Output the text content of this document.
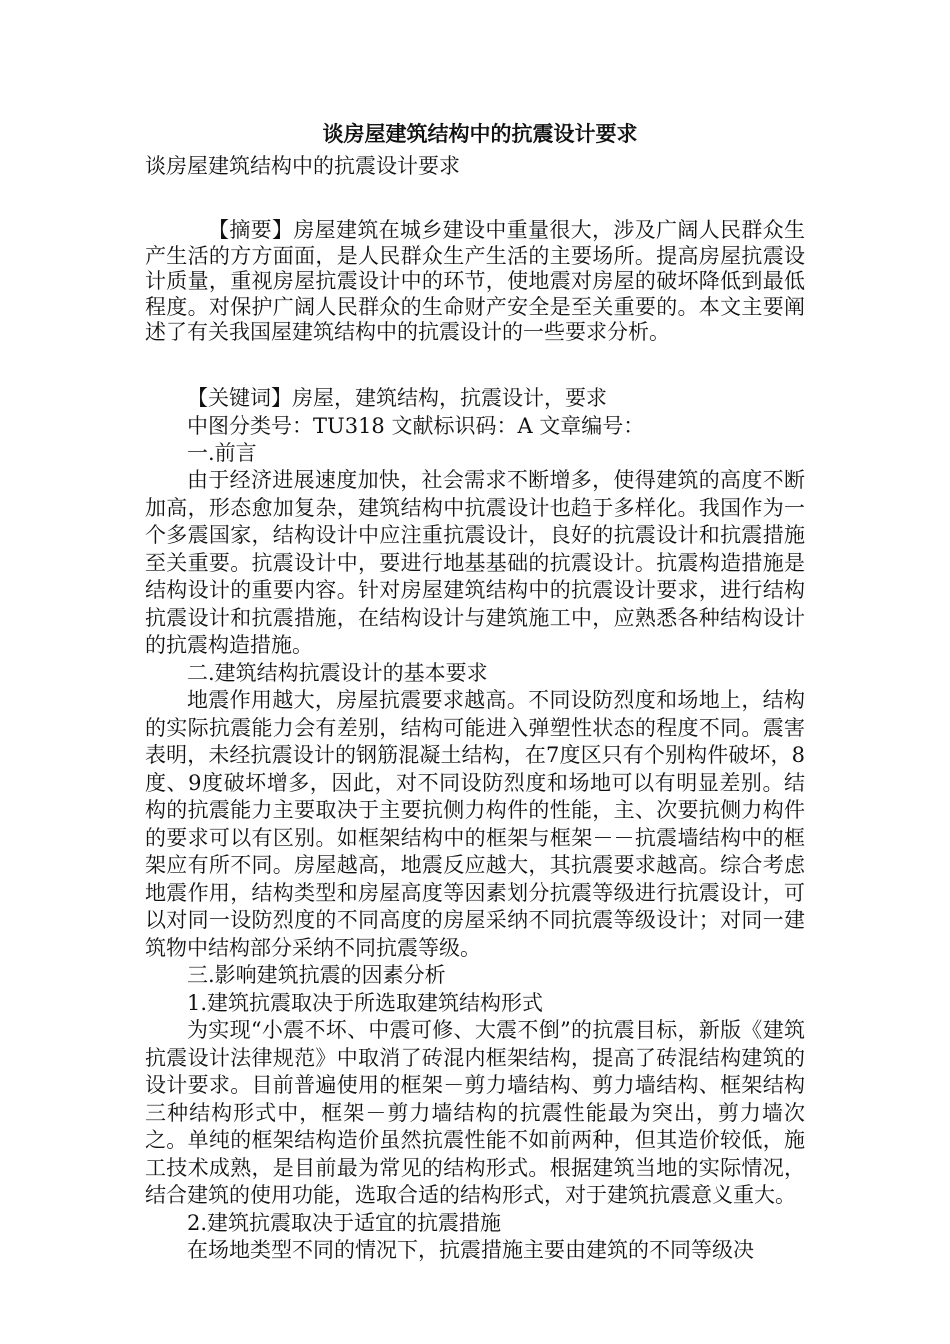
谈房屋建筑结构中的抗震设计要求

谈房屋建筑结构中的抗震设计要求

【摘要】房屋建筑在城乡建设中重量很大，涉及广阔人民群众生产生活的方方面面，是人民群众生产生活的主要场所。提高房屋抗震设计质量，重视房屋抗震设计中的环节，使地震对房屋的破坏降低到最低程度。对保护广阔人民群众的生命财产安全是至关重要的。本文主要阐述了有关我国屋建筑结构中的抗震设计的一些要求分析。

【关键词】房屋，建筑结构，抗震设计，要求

中图分类号：TU318 文献标识码：A 文章编号：

一.前言

由于经济进展速度加快，社会需求不断增多，使得建筑的高度不断加高，形态愈加复杂，建筑结构中抗震设计也趋于多样化。我国作为一个多震国家，结构设计中应注重抗震设计，良好的抗震设计和抗震措施至关重要。抗震设计中，要进行地基基础的抗震设计。抗震构造措施是结构设计的重要内容。针对房屋建筑结构中的抗震设计要求，进行结构抗震设计和抗震措施，在结构设计与建筑施工中，应熟悉各种结构设计的抗震构造措施。

二.建筑结构抗震设计的基本要求

地震作用越大，房屋抗震要求越高。不同设防烈度和场地上，结构的实际抗震能力会有差别，结构可能进入弹塑性状态的程度不同。震害表明，未经抗震设计的钢筋混凝土结构，在7度区只有个别构件破坏，8度、9度破坏增多，因此，对不同设防烈度和场地可以有明显差别。结构的抗震能力主要取决于主要抗侧力构件的性能，主、次要抗侧力构件的要求可以有区别。如框架结构中的框架与框架－－抗震墙结构中的框架应有所不同。房屋越高，地震反应越大，其抗震要求越高。综合考虑地震作用，结构类型和房屋高度等因素划分抗震等级进行抗震设计，可以对同一设防烈度的不同高度的房屋采纳不同抗震等级设计；对同一建筑物中结构部分采纳不同抗震等级。

三.影响建筑抗震的因素分析

1.建筑抗震取决于所选取建筑结构形式

为实现“小震不坏、中震可修、大震不倒”的抗震目标，新版《建筑抗震设计法律规范》中取消了砖混内框架结构，提高了砖混结构建筑的设计要求。目前普遍使用的框架－剪力墙结构、剪力墙结构、框架结构三种结构形式中，框架－剪力墙结构的抗震性能最为突出，剪力墙次之。单纯的框架结构造价虽然抗震性能不如前两种，但其造价较低，施工技术成熟，是目前最为常见的结构形式。根据建筑当地的实际情况，结合建筑的使用功能，选取合适的结构形式，对于建筑抗震意义重大。

2.建筑抗震取决于适宜的抗震措施

在场地类型不同的情况下，抗震措施主要由建筑的不同等级决
